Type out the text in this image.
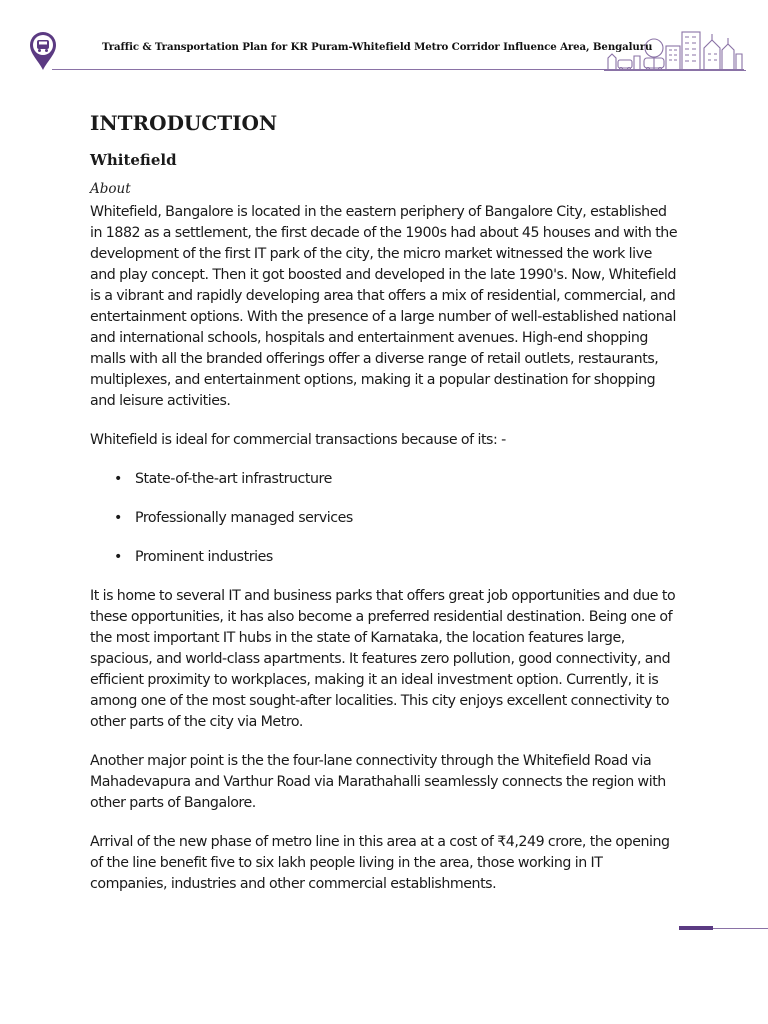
Traffic & Transportation Plan for KR Puram-Whitefield Metro Corridor Influence Area, Bengaluru
INTRODUCTION
Whitefield
About

Whitefield, Bangalore is located in the eastern periphery of Bangalore City, established in 1882 as a settlement, the first decade of the 1900s had about 45 houses and with the development of the first IT park of the city, the micro market witnessed the work live and play concept. Then it got boosted and developed in the late 1990's. Now, Whitefield is a vibrant and rapidly developing area that offers a mix of residential, commercial, and entertainment options. With the presence of a large number of well-established national and international schools, hospitals and entertainment avenues. High-end shopping malls with all the branded offerings offer a diverse range of retail outlets, restaurants, multiplexes, and entertainment options, making it a popular destination for shopping and leisure activities.

Whitefield is ideal for commercial transactions because of its: -

• State-of-the-art infrastructure
• Professionally managed services
• Prominent industries

It is home to several IT and business parks that offers great job opportunities and due to these opportunities, it has also become a preferred residential destination. Being one of the most important IT hubs in the state of Karnataka, the location features large, spacious, and world-class apartments. It features zero pollution, good connectivity, and efficient proximity to workplaces, making it an ideal investment option. Currently, it is among one of the most sought-after localities. This city enjoys excellent connectivity to other parts of the city via Metro.

Another major point is the the four-lane connectivity through the Whitefield Road via Mahadevapura and Varthur Road via Marathahalli seamlessly connects the region with other parts of Bangalore.

Arrival of the new phase of metro line in this area at a cost of ₹4,249 crore, the opening of the line benefit five to six lakh people living in the area, those working in IT companies, industries and other commercial establishments.
